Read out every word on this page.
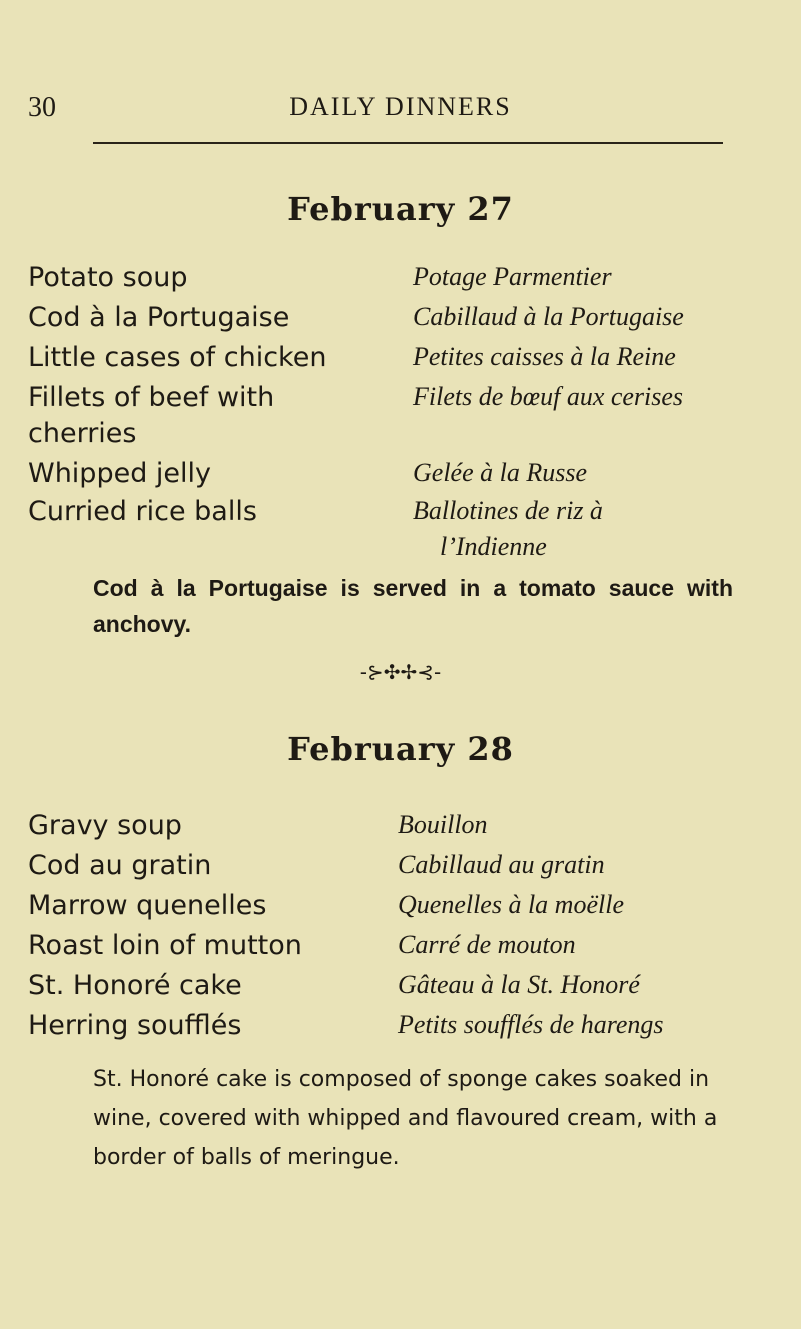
30	DAILY DINNERS
February 27
Potato soup	Potage Parmentier
Cod à la Portugaise	Cabillaud à la Portugaise
Little cases of chicken	Petites caisses à la Reine
Fillets of beef with	Filets de bœuf aux cerises
cherries
Whipped jelly	Gelée à la Russe
Curried rice balls	Ballotines de riz à
l’Indienne
Cod à la Portugaise is served in a tomato sauce with anchovy.
-⊱✣✢⊰-
February 28
Gravy soup	Bouillon
Cod au gratin	Cabillaud au gratin
Marrow quenelles	Quenelles à la moëlle
Roast loin of mutton	Carré de mouton
St. Honoré cake	Gâteau à la St. Honoré
Herring soufflés	Petits soufflés de harengs
St. Honoré cake is composed of sponge cakes soaked in wine, covered with whipped and flavoured cream, with a border of balls of meringue.
